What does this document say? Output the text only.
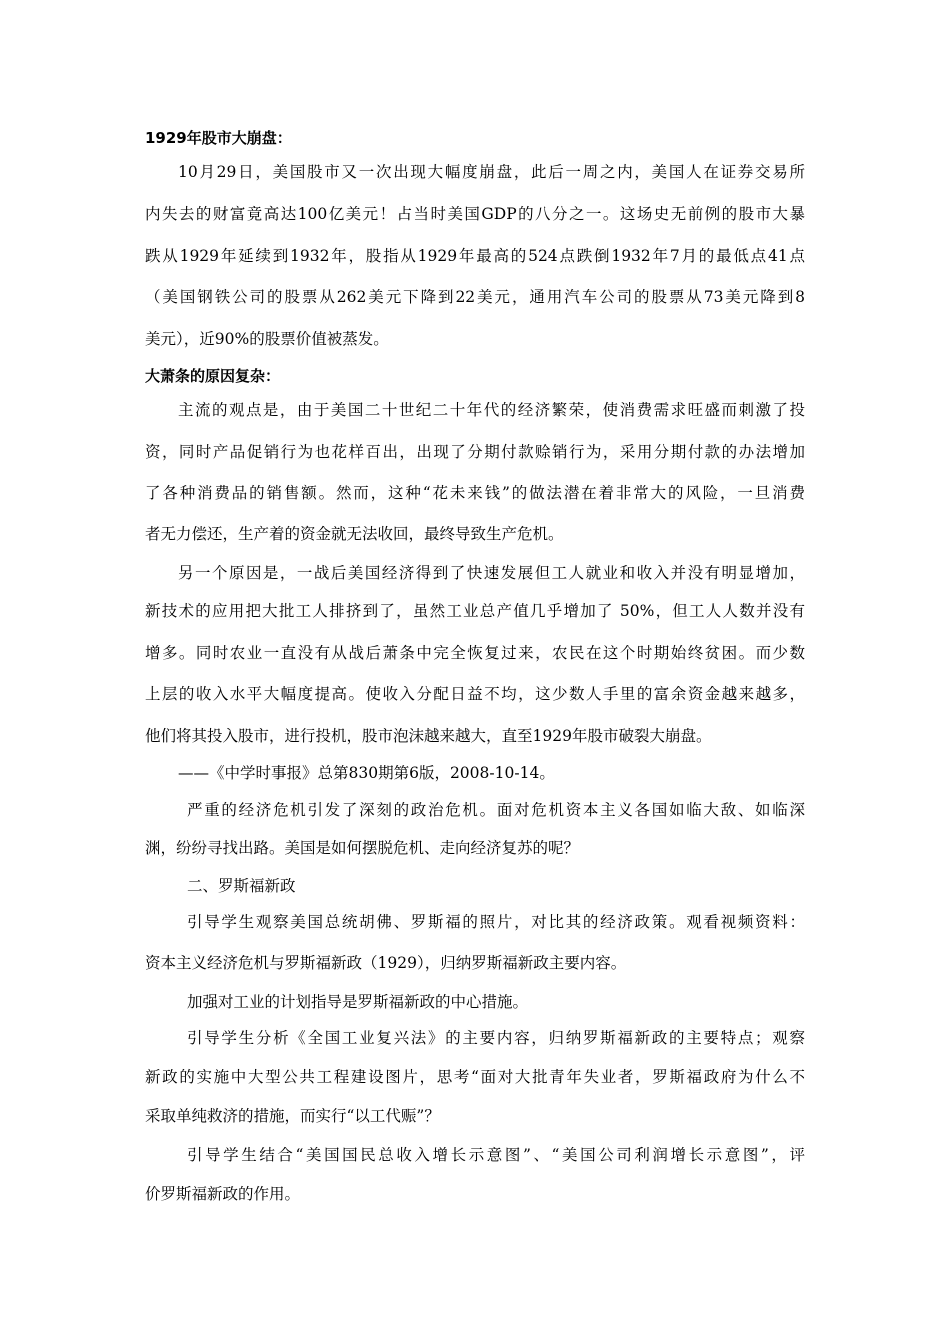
1929年股市大崩盘：
10月29日，美国股市又一次出现大幅度崩盘，此后一周之内，美国人在证券交易所
内失去的财富竟高达100亿美元！占当时美国GDP的八分之一。这场史无前例的股市大暴
跌从1929年延续到1932年，股指从1929年最高的524点跌倒1932年7月的最低点41点
（美国钢铁公司的股票从262美元下降到22美元，通用汽车公司的股票从73美元降到8
美元），近90%的股票价值被蒸发。
大萧条的原因复杂：
主流的观点是，由于美国二十世纪二十年代的经济繁荣，使消费需求旺盛而刺激了投
资，同时产品促销行为也花样百出，出现了分期付款赊销行为，采用分期付款的办法增加
了各种消费品的销售额。然而，这种“花未来钱”的做法潜在着非常大的风险，一旦消费
者无力偿还，生产着的资金就无法收回，最终导致生产危机。
另一个原因是，一战后美国经济得到了快速发展但工人就业和收入并没有明显增加，
新技术的应用把大批工人排挤到了，虽然工业总产值几乎增加了 50%，但工人人数并没有
增多。同时农业一直没有从战后萧条中完全恢复过来，农民在这个时期始终贫困。而少数
上层的收入水平大幅度提高。使收入分配日益不均，这少数人手里的富余资金越来越多，
他们将其投入股市，进行投机，股市泡沫越来越大，直至1929年股市破裂大崩盘。
——《中学时事报》总第830期第6版，2008-10-14。
严重的经济危机引发了深刻的政治危机。面对危机资本主义各国如临大敌、如临深
渊，纷纷寻找出路。美国是如何摆脱危机、走向经济复苏的呢？
二、罗斯福新政
引导学生观察美国总统胡佛、罗斯福的照片，对比其的经济政策。观看视频资料：
资本主义经济危机与罗斯福新政（1929），归纳罗斯福新政主要内容。
加强对工业的计划指导是罗斯福新政的中心措施。
引导学生分析《全国工业复兴法》的主要内容，归纳罗斯福新政的主要特点；观察
新政的实施中大型公共工程建设图片，思考“面对大批青年失业者，罗斯福政府为什么不
采取单纯救济的措施，而实行“以工代赈”？
引导学生结合“美国国民总收入增长示意图”、“美国公司利润增长示意图”，评
价罗斯福新政的作用。
